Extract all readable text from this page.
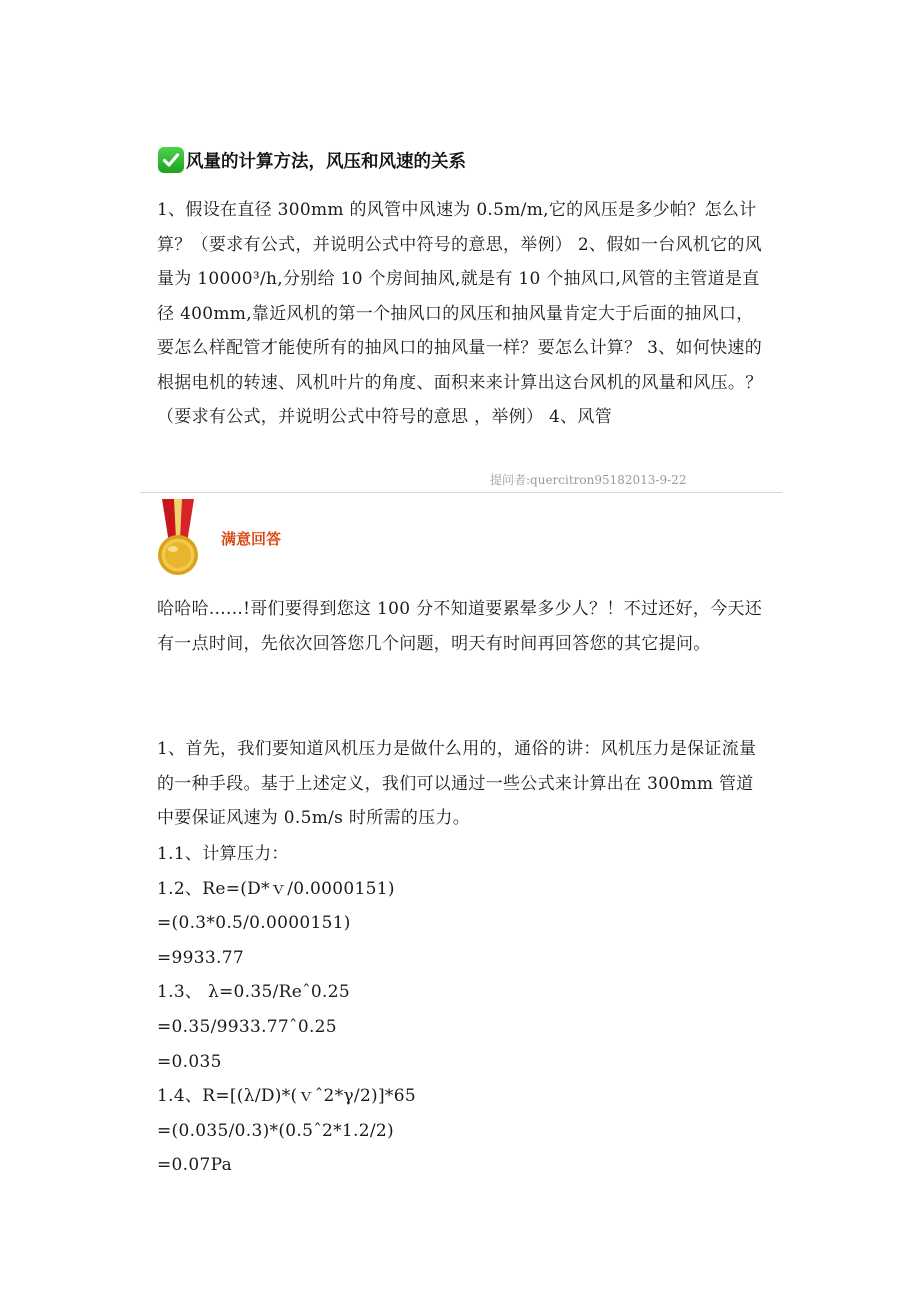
风量的计算方法，风压和风速的关系

1、假设在直径 300mm 的风管中风速为 0.5m/m,它的风压是多少帕？怎么计算？（要求有公式，并说明公式中符号的意思，举例） 2、假如一台风机它的风量为 10000³/h,分别给 10 个房间抽风,就是有 10 个抽风口,风管的主管道是直径 400mm,靠近风机的第一个抽风口的风压和抽风量肯定大于后面的抽风口，要怎么样配管才能使所有的抽风口的抽风量一样？要怎么计算？ 3、如何快速的根据电机的转速、风机叶片的角度、面积来来计算出这台风机的风量和风压。？（要求有公式，并说明公式中符号的意思 ，举例） 4、风管

提问者:quercitron95182013-9-22
满意回答

哈哈哈......!哥们要得到您这 100 分不知道要累晕多少人？！不过还好，今天还有一点时间，先依次回答您几个问题，明天有时间再回答您的其它提问。

1、首先，我们要知道风机压力是做什么用的，通俗的讲：风机压力是保证流量的一种手段。基于上述定义，我们可以通过一些公式来计算出在 300mm 管道中要保证风速为 0.5m/s 时所需的压力。

1.1、计算压力：
1.2、Re=(D*ｖ/0.0000151)
=(0.3*0.5/0.0000151)
=9933.77
1.3、 λ=0.35/Reˆ0.25
=0.35/9933.77ˆ0.25
=0.035
1.4、R=[(λ/D)*(ｖˆ2*γ/2)]*65
=(0.035/0.3)*(0.5ˆ2*1.2/2)
=0.07Pa
